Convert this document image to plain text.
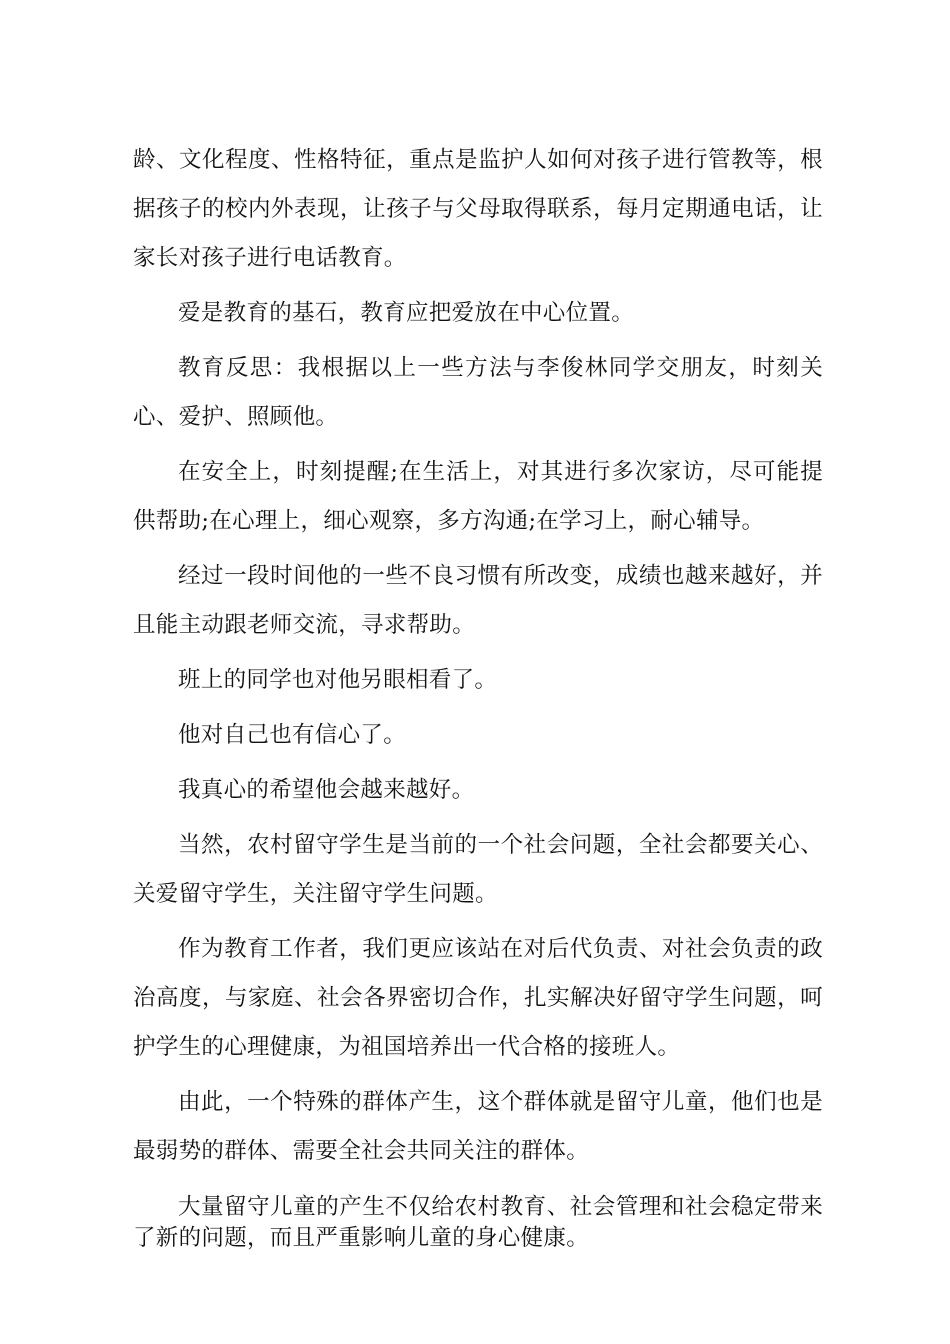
龄、文化程度、性格特征，重点是监护人如何对孩子进行管教等，根据孩子的校内外表现，让孩子与父母取得联系，每月定期通电话，让家长对孩子进行电话教育。

爱是教育的基石，教育应把爱放在中心位置。

教育反思：我根据以上一些方法与李俊林同学交朋友，时刻关心、爱护、照顾他。

在安全上，时刻提醒;在生活上，对其进行多次家访，尽可能提供帮助;在心理上，细心观察，多方沟通;在学习上，耐心辅导。

经过一段时间他的一些不良习惯有所改变，成绩也越来越好，并且能主动跟老师交流，寻求帮助。

班上的同学也对他另眼相看了。

他对自己也有信心了。

我真心的希望他会越来越好。

当然，农村留守学生是当前的一个社会问题，全社会都要关心、关爱留守学生，关注留守学生问题。

作为教育工作者，我们更应该站在对后代负责、对社会负责的政治高度，与家庭、社会各界密切合作，扎实解决好留守学生问题，呵护学生的心理健康，为祖国培养出一代合格的接班人。

由此，一个特殊的群体产生，这个群体就是留守儿童，他们也是最弱势的群体、需要全社会共同关注的群体。

大量留守儿童的产生不仅给农村教育、社会管理和社会稳定带来了新的问题，而且严重影响儿童的身心健康。
